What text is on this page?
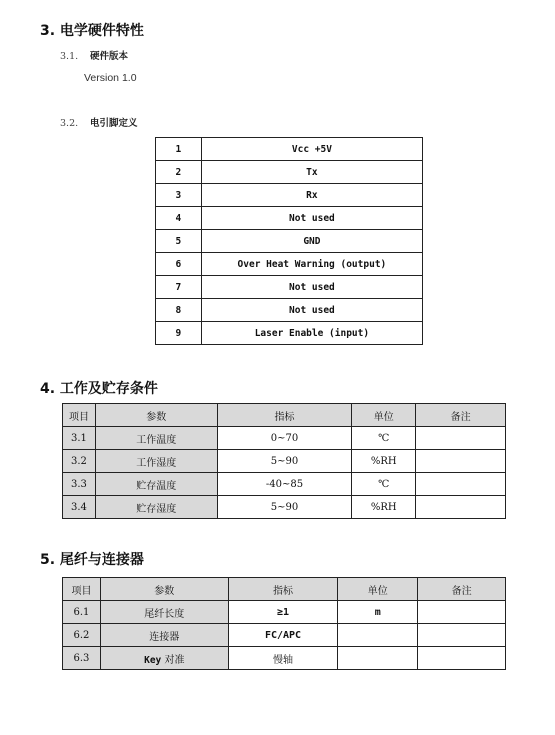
3. 电学硬件特性
3.1. 硬件版本
Version 1.0
3.2. 电引脚定义
1	Vcc +5V
2	Tx
3	Rx
4	Not used
5	GND
6	Over Heat Warning (output)
7	Not used
8	Not used
9	Laser Enable (input)
4. 工作及贮存条件
项目	参数	指标	单位	备注
3.1	工作温度	0~70	℃	
3.2	工作湿度	5~90	%RH	
3.3	贮存温度	-40~85	℃	
3.4	贮存湿度	5~90	%RH	
5. 尾纤与连接器
项目	参数	指标	单位	备注
6.1	尾纤长度	≥1	m	
6.2	连接器	FC/APC		
6.3	Key 对准	慢轴		
